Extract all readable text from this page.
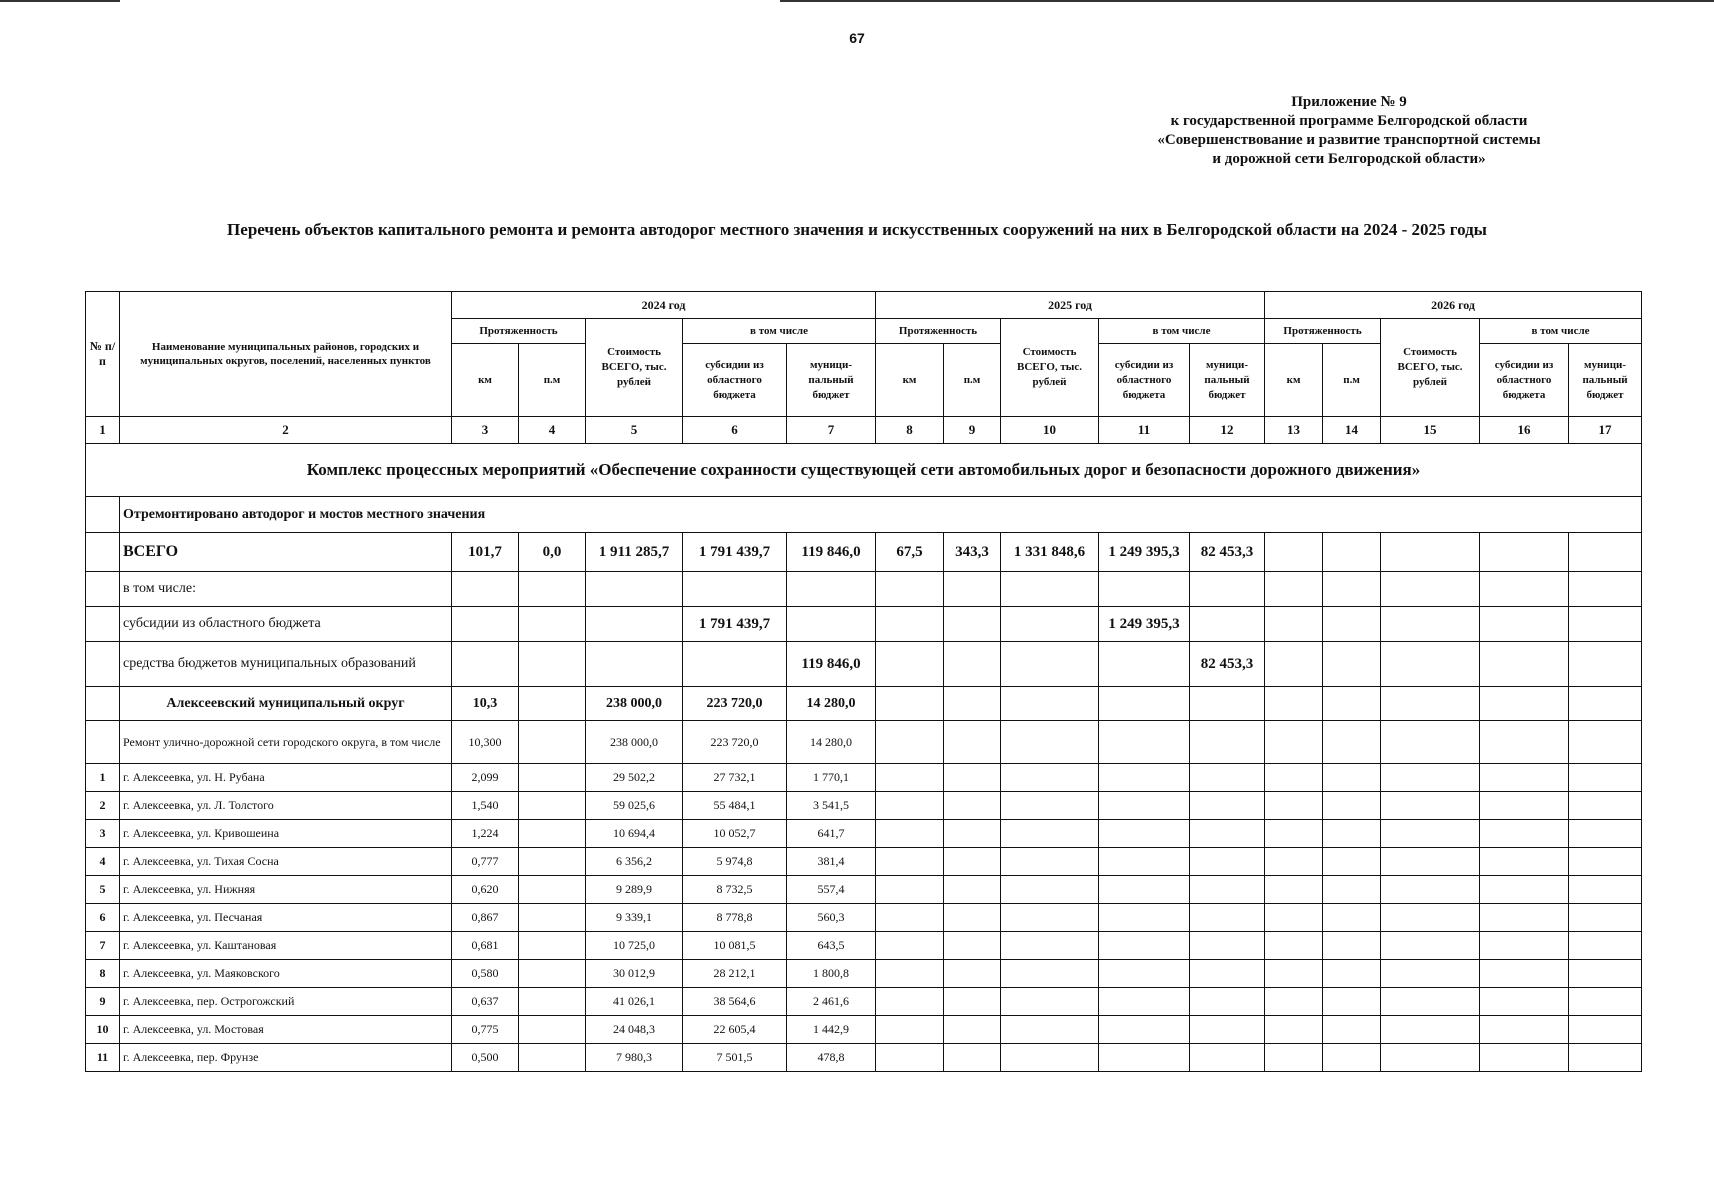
67
Приложение № 9
к государственной программе Белгородской области
«Совершенствование и развитие транспортной системы
и дорожной сети Белгородской области»
Перечень объектов капитального ремонта и ремонта автодорог местного значения и искусственных сооружений на них в Белгородской области на 2024 - 2025 годы
№ п/п	Наименование муниципальных районов, городских и муниципальных округов, поселений, населенных пунктов	2024 год					2025 год					2026 год				
		Протяженность		Стоимость ВСЕГО, тыс. рублей	в том числе		Протяженность		Стоимость ВСЕГО, тыс. рублей	в том числе		Протяженность		Стоимость ВСЕГО, тыс. рублей	в том числе	
		км	п.м		субсидии из областного бюджета	муници-пальный бюджет	км	п.м		субсидии из областного бюджета	муници-пальный бюджет	км	п.м		субсидии из областного бюджета	муници-пальный бюджет
1	2	3	4	5	6	7	8	9	10	11	12	13	14	15	16	17
Комплекс процессных мероприятий «Обеспечение сохранности существующей сети автомобильных дорог и безопасности дорожного движения»																
	Отремонтировано автодорог и мостов местного значения															
	ВСЕГО	101,7	0,0	1 911 285,7	1 791 439,7	119 846,0	67,5	343,3	1 331 848,6	1 249 395,3	82 453,3					
	в том числе:															
	субсидии из областного бюджета				1 791 439,7					1 249 395,3						
	средства бюджетов муниципальных образований					119 846,0					82 453,3					
	Алексеевский муниципальный округ	10,3		238 000,0	223 720,0	14 280,0										
	Ремонт улично-дорожной сети городского округа, в том числе	10,300		238 000,0	223 720,0	14 280,0										
1	г. Алексеевка, ул. Н. Рубана	2,099		29 502,2	27 732,1	1 770,1										
2	г. Алексеевка, ул. Л. Толстого	1,540		59 025,6	55 484,1	3 541,5										
3	г. Алексеевка, ул. Кривошеина	1,224		10 694,4	10 052,7	641,7										
4	г. Алексеевка, ул. Тихая Сосна	0,777		6 356,2	5 974,8	381,4										
5	г. Алексеевка, ул. Нижняя	0,620		9 289,9	8 732,5	557,4										
6	г. Алексеевка, ул. Песчаная	0,867		9 339,1	8 778,8	560,3										
7	г. Алексеевка, ул. Каштановая	0,681		10 725,0	10 081,5	643,5										
8	г. Алексеевка, ул. Маяковского	0,580		30 012,9	28 212,1	1 800,8										
9	г. Алексеевка, пер. Острогожский	0,637		41 026,1	38 564,6	2 461,6										
10	г. Алексеевка, ул. Мостовая	0,775		24 048,3	22 605,4	1 442,9										
11	г. Алексеевка, пер. Фрунзе	0,500		7 980,3	7 501,5	478,8										
